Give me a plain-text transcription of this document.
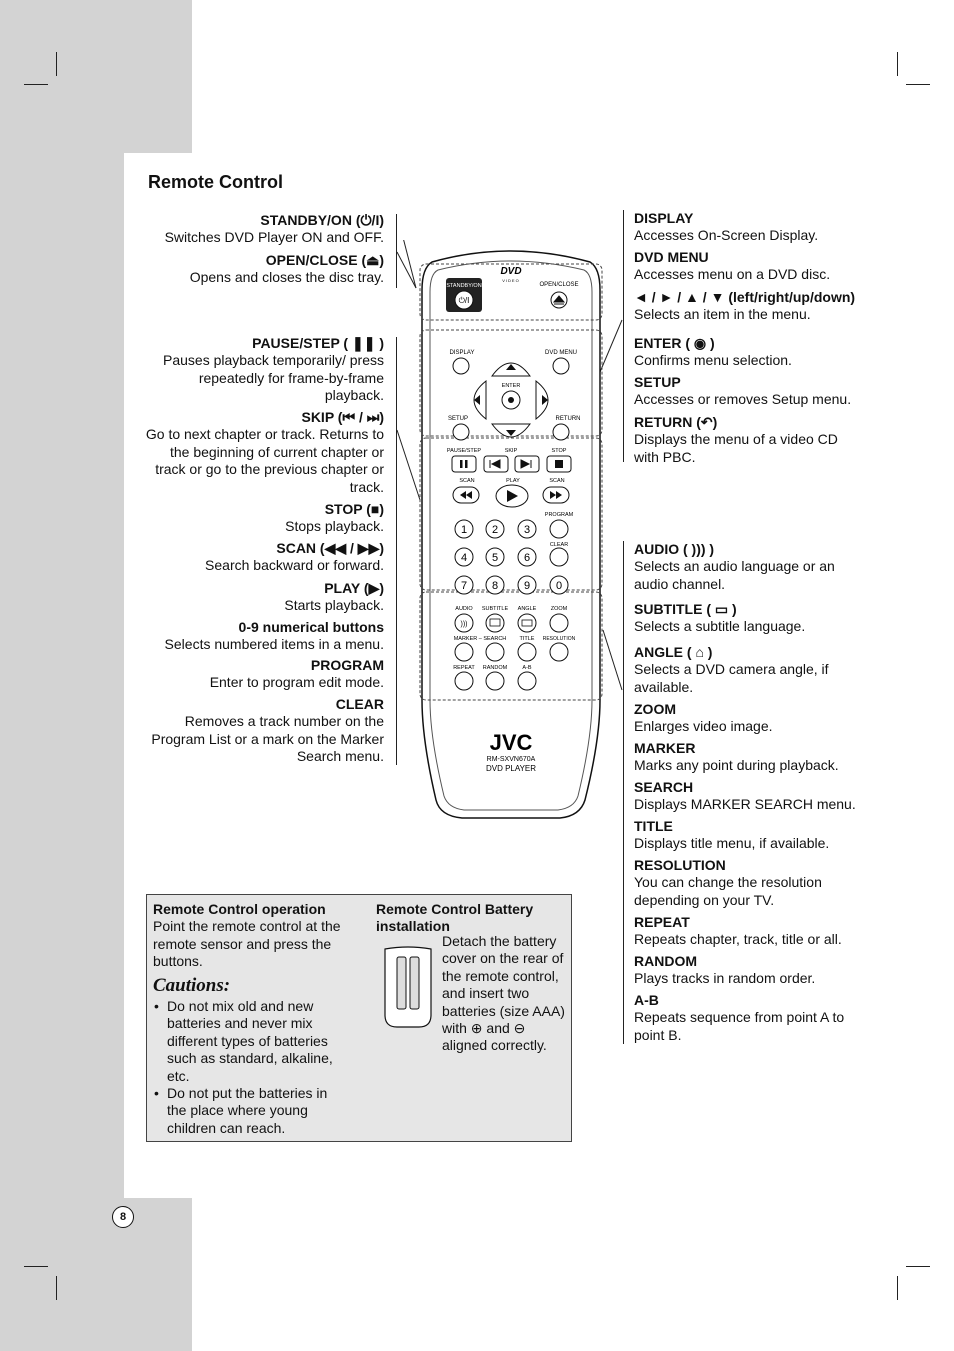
Remote Control
STANDBY/ON (⏻/I)
Switches DVD Player ON and OFF.
OPEN/CLOSE (⏏)
Opens and closes the disc tray.
PAUSE/STEP ( ❚❚ )
Pauses playback temporarily/ press repeatedly for frame-by-frame playback.
SKIP (⏮ / ⏭)
Go to next chapter or track. Returns to the beginning of current chapter or track or go to the previous chapter or track.
STOP (■)
Stops playback.
SCAN (◀◀ / ▶▶)
Search backward or forward.
PLAY (▶)
Starts playback.
0-9 numerical buttons
Selects numbered items in a menu.
PROGRAM
Enter to program edit mode.
CLEAR
Removes a track number on the Program List or a mark on the Marker Search menu.
DISPLAY
Accesses On-Screen Display.
DVD MENU
Accesses menu on a DVD disc.
◄ / ► / ▲ / ▼ (left/right/up/down)
Selects an item in the menu.
ENTER ( ◉ )
Confirms menu selection.
SETUP
Accesses or removes Setup menu.
RETURN (↶)
Displays the menu of a video CD with PBC.
AUDIO ( ))) )
Selects an audio language or an audio channel.
SUBTITLE ( ▭ )
Selects a subtitle language.
ANGLE ( ⌂ )
Selects a DVD camera angle, if available.
ZOOM
Enlarges video image.
MARKER
Marks any point during playback.
SEARCH
Displays MARKER SEARCH menu.
TITLE
Displays title menu, if available.
RESOLUTION
You can change the resolution depending on your TV.
REPEAT
Repeats chapter, track, title or all.
RANDOM
Plays tracks in random order.
A-B
Repeats sequence from point A to point B.
STANDBY/ON
⏻/I
DVD
VIDEO
OPEN/CLOSE
DISPLAY	DVD MENU
ENTER
SETUP	RETURN
PAUSE/STEP	SKIP	STOP
SCAN	PLAY	SCAN
PROGRAM
1 2 3
CLEAR
4 5 6
7 8 9 0
AUDIO SUBTITLE ANGLE	ZOOM
)))
MARKER – SEARCH TITLE RESOLUTION
REPEAT RANDOM	A-B
JVC
RM-SXVN670A
DVD PLAYER
Remote Control operation
Point the remote control at the remote sensor and press the buttons.
Cautions:
• Do not mix old and new batteries and never mix different types of batteries such as standard, alkaline, etc.
• Do not put the batteries in the place where young children can reach.
Remote Control Battery installation
Detach the battery cover on the rear of the remote control, and insert two batteries (size AAA) with ⊕ and ⊖ aligned correctly.
8
